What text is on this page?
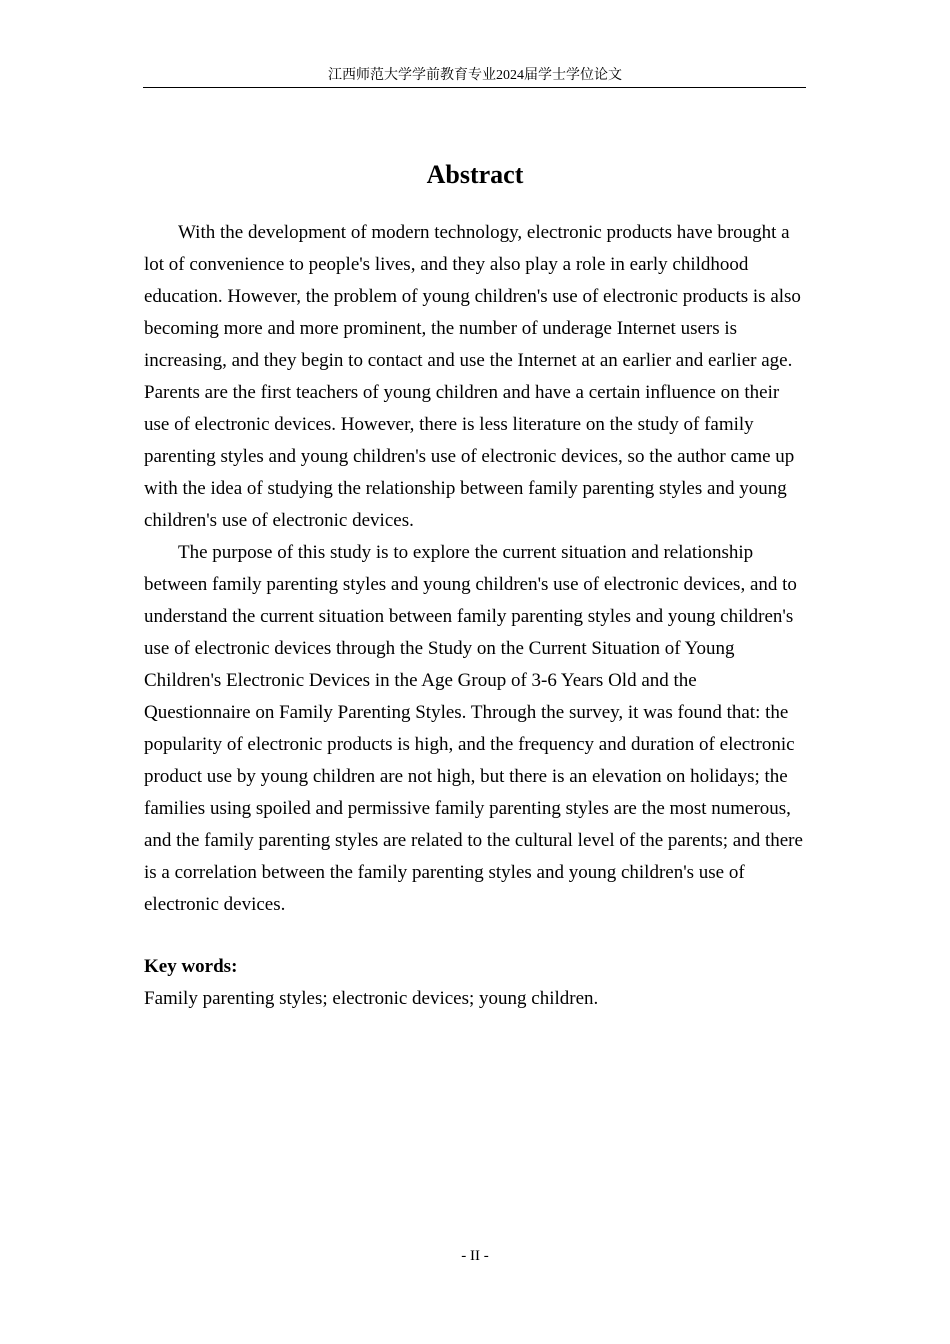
江西师范大学学前教育专业2024届学士学位论文
Abstract

With the development of modern technology, electronic products have brought a lot of convenience to people's lives, and they also play a role in early childhood education. However, the problem of young children's use of electronic products is also becoming more and more prominent, the number of underage Internet users is increasing, and they begin to contact and use the Internet at an earlier and earlier age. Parents are the first teachers of young children and have a certain influence on their use of electronic devices. However, there is less literature on the study of family parenting styles and young children's use of electronic devices, so the author came up with the idea of studying the relationship between family parenting styles and young children's use of electronic devices.

The purpose of this study is to explore the current situation and relationship between family parenting styles and young children's use of electronic devices, and to understand the current situation between family parenting styles and young children's use of electronic devices through the Study on the Current Situation of Young Children's Electronic Devices in the Age Group of 3-6 Years Old and the Questionnaire on Family Parenting Styles. Through the survey, it was found that: the popularity of electronic products is high, and the frequency and duration of electronic product use by young children are not high, but there is an elevation on holidays; the families using spoiled and permissive family parenting styles are the most numerous, and the family parenting styles are related to the cultural level of the parents; and there is a correlation between the family parenting styles and young children's use of electronic devices.

Key words:
Family parenting styles; electronic devices; young children.
- II -
